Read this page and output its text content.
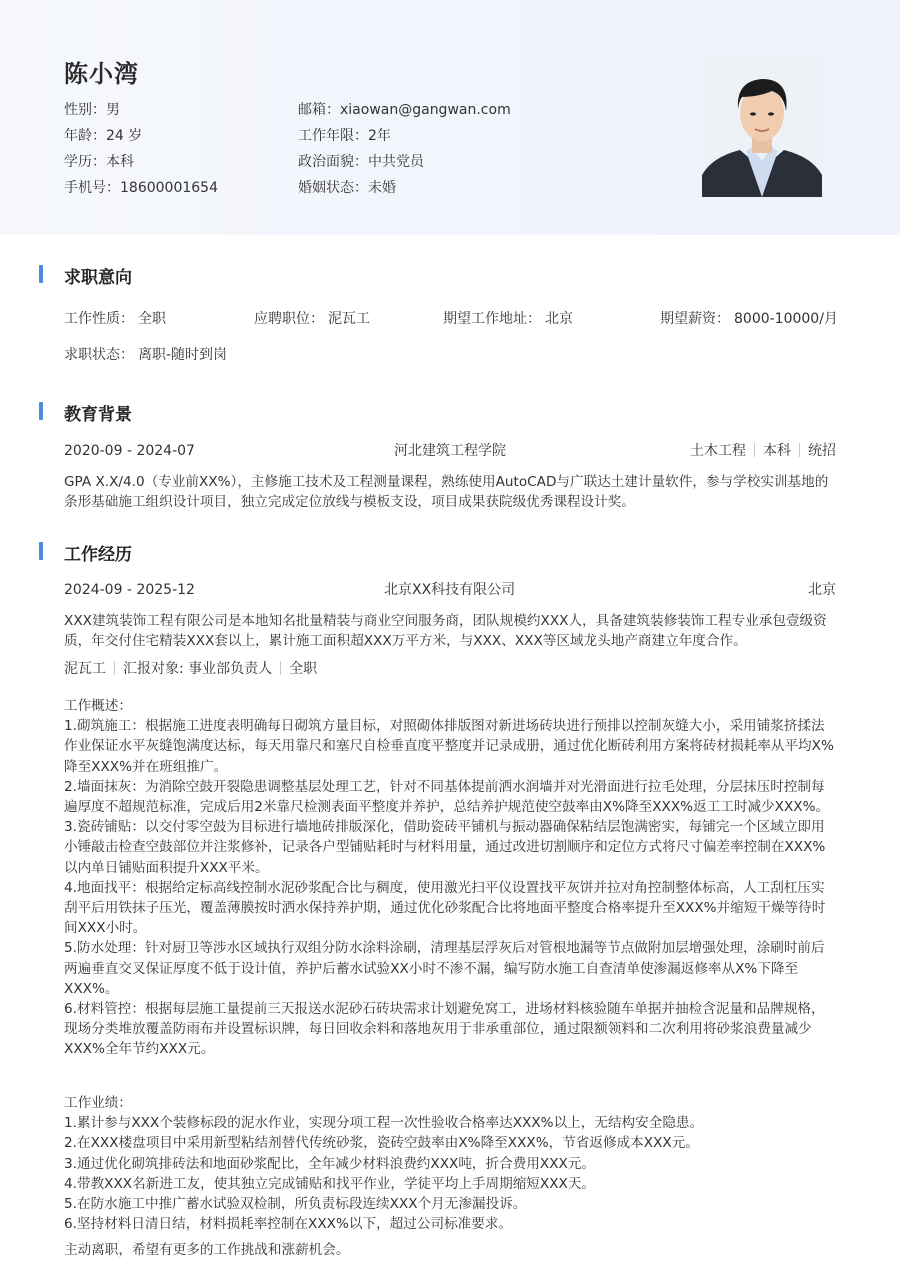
陈小湾
性别：男
年龄：24 岁
学历：本科
手机号：18600001654
邮箱：xiaowan@gangwan.com
工作年限：2年
政治面貌：中共党员
婚姻状态：未婚
求职意向
工作性质： 全职	应聘职位： 泥瓦工	期望工作地址： 北京	期望薪资： 8000-10000/月
求职状态： 离职-随时到岗
教育背景
2020-09 - 2024-07	河北建筑工程学院	土木工程 本科 统招
GPA X.X/4.0（专业前XX%），主修施工技术及工程测量课程，熟练使用AutoCAD与广联达土建计量软件，参与学校实训基地的条形基础施工组织设计项目，独立完成定位放线与模板支设，项目成果获院级优秀课程设计奖。
工作经历
2024-09 - 2025-12	北京XX科技有限公司	北京
XXX建筑装饰工程有限公司是本地知名批量精装与商业空间服务商，团队规模约XXX人，具备建筑装修装饰工程专业承包壹级资质，年交付住宅精装XXX套以上，累计施工面积超XXX万平方米，与XXX、XXX等区域龙头地产商建立年度合作。
泥瓦工 汇报对象: 事业部负责人 全职
工作概述：
1.砌筑施工：根据施工进度表明确每日砌筑方量目标，对照砌体排版图对新进场砖块进行预排以控制灰缝大小，采用铺浆挤揉法作业保证水平灰缝饱满度达标，每天用靠尺和塞尺自检垂直度平整度并记录成册，通过优化断砖利用方案将砖材损耗率从平均X%降至XXX%并在班组推广。
2.墙面抹灰：为消除空鼓开裂隐患调整基层处理工艺，针对不同基体提前洒水润墙并对光滑面进行拉毛处理，分层抹压时控制每遍厚度不超规范标准，完成后用2米靠尺检测表面平整度并养护，总结养护规范使空鼓率由X%降至XXX%返工工时减少XXX%。
3.瓷砖铺贴：以交付零空鼓为目标进行墙地砖排版深化，借助瓷砖平铺机与振动器确保粘结层饱满密实，每铺完一个区域立即用小锤敲击检查空鼓部位并注浆修补，记录各户型铺贴耗时与材料用量，通过改进切割顺序和定位方式将尺寸偏差率控制在XXX%以内单日铺贴面积提升XXX平米。
4.地面找平：根据给定标高线控制水泥砂浆配合比与稠度，使用激光扫平仪设置找平灰饼并拉对角控制整体标高，人工刮杠压实刮平后用铁抹子压光，覆盖薄膜按时洒水保持养护期，通过优化砂浆配合比将地面平整度合格率提升至XXX%并缩短干燥等待时间XXX小时。
5.防水处理：针对厨卫等涉水区域执行双组分防水涂料涂刷，清理基层浮灰后对管根地漏等节点做附加层增强处理，涂刷时前后两遍垂直交叉保证厚度不低于设计值，养护后蓄水试验XX小时不渗不漏，编写防水施工自查清单使渗漏返修率从X%下降至XXX%。
6.材料管控：根据每层施工量提前三天报送水泥砂石砖块需求计划避免窝工，进场材料核验随车单据并抽检含泥量和品牌规格，现场分类堆放覆盖防雨布并设置标识牌，每日回收余料和落地灰用于非承重部位，通过限额领料和二次利用将砂浆浪费量减少XXX%全年节约XXX元。
工作业绩：
1.累计参与XXX个装修标段的泥水作业，实现分项工程一次性验收合格率达XXX%以上，无结构安全隐患。
2.在XXX楼盘项目中采用新型粘结剂替代传统砂浆，瓷砖空鼓率由X%降至XXX%，节省返修成本XXX元。
3.通过优化砌筑排砖法和地面砂浆配比，全年减少材料浪费约XXX吨，折合费用XXX元。
4.带教XXX名新进工友，使其独立完成铺贴和找平作业，学徒平均上手周期缩短XXX天。
5.在防水施工中推广蓄水试验双检制，所负责标段连续XXX个月无渗漏投诉。
6.坚持材料日清日结，材料损耗率控制在XXX%以下，超过公司标准要求。
主动离职，希望有更多的工作挑战和涨薪机会。
